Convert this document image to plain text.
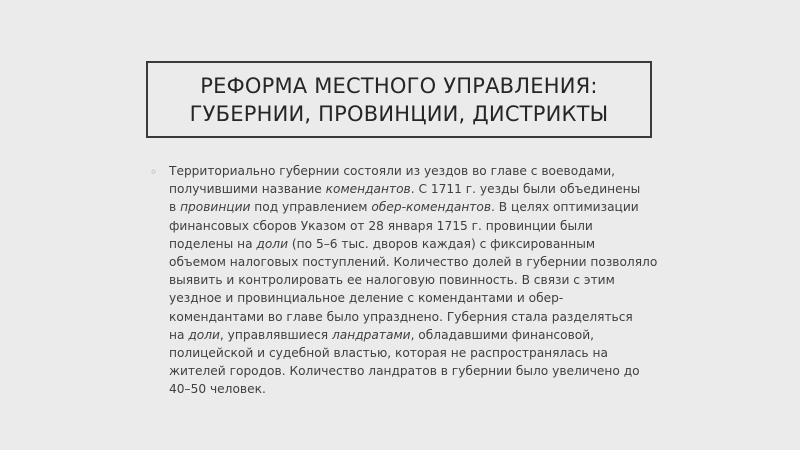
РЕФОРМА МЕСТНОГО УПРАВЛЕНИЯ:
ГУБЕРНИИ, ПРОВИНЦИИ, ДИСТРИКТЫ
◦ Территориально губернии состояли из уездов во главе с воеводами,
получившими название комендантов. С 1711 г. уезды были объединены
в провинции под управлением обер-комендантов. В целях оптимизации
финансовых сборов Указом от 28 января 1715 г. провинции были
поделены на доли (по 5–6 тыс. дворов каждая) с фиксированным
объемом налоговых поступлений. Количество долей в губернии позволяло
выявить и контролировать ее налоговую повинность. В связи с этим
уездное и провинциальное деление с комендантами и обер-
комендантами во главе было упразднено. Губерния стала разделяться
на доли, управлявшиеся ландратами, обладавшими финансовой,
полицейской и судебной властью, которая не распространялась на
жителей городов. Количество ландратов в губернии было увеличено до
40–50 человек.
